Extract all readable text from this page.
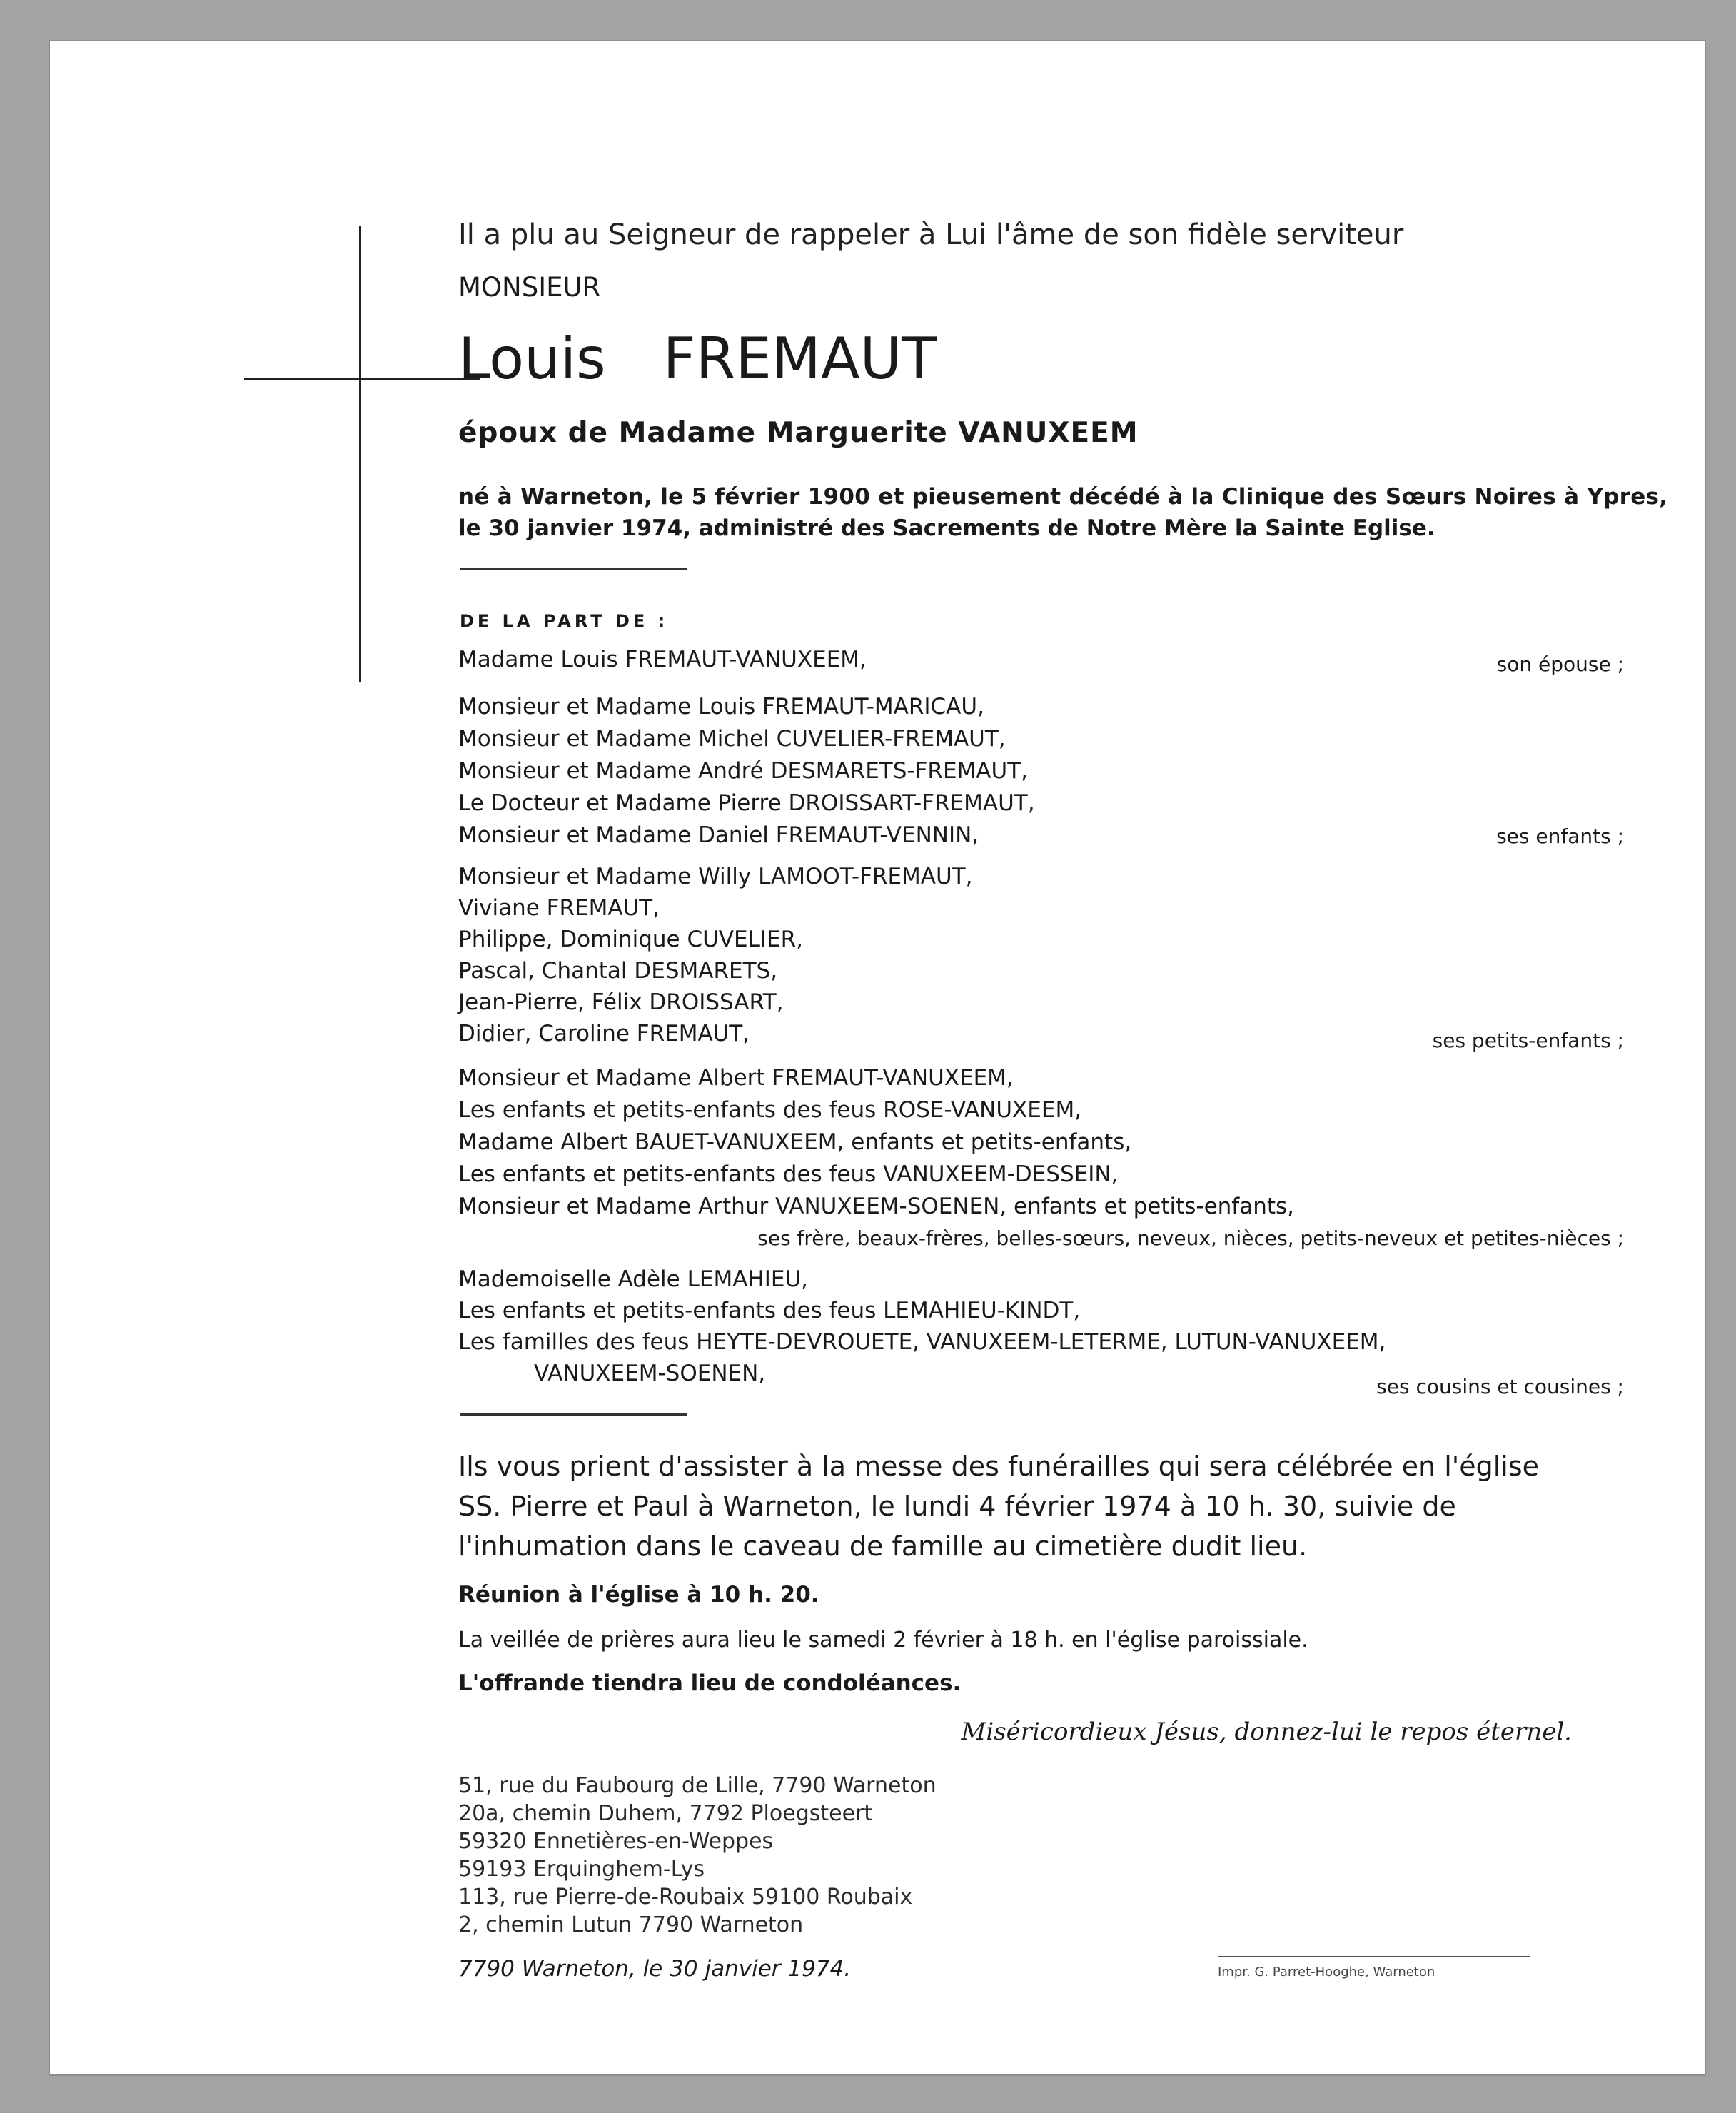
Il a plu au Seigneur de rappeler à Lui l'âme de son fidèle serviteur
MONSIEUR
Louis FREMAUT
époux de Madame Marguerite VANUXEEM
né à Warneton, le 5 février 1900 et pieusement décédé à la Clinique des Sœurs Noires à Ypres,
le 30 janvier 1974, administré des Sacrements de Notre Mère la Sainte Eglise.
DE LA PART DE :
Madame Louis FREMAUT-VANUXEEM,	son épouse ;
Monsieur et Madame Louis FREMAUT-MARICAU,
Monsieur et Madame Michel CUVELIER-FREMAUT,
Monsieur et Madame André DESMARETS-FREMAUT,
Le Docteur et Madame Pierre DROISSART-FREMAUT,
Monsieur et Madame Daniel FREMAUT-VENNIN,	ses enfants ;
Monsieur et Madame Willy LAMOOT-FREMAUT,
Viviane FREMAUT,
Philippe, Dominique CUVELIER,
Pascal, Chantal DESMARETS,
Jean-Pierre, Félix DROISSART,
Didier, Caroline FREMAUT,	ses petits-enfants ;
Monsieur et Madame Albert FREMAUT-VANUXEEM,
Les enfants et petits-enfants des feus ROSE-VANUXEEM,
Madame Albert BAUET-VANUXEEM, enfants et petits-enfants,
Les enfants et petits-enfants des feus VANUXEEM-DESSEIN,
Monsieur et Madame Arthur VANUXEEM-SOENEN, enfants et petits-enfants,
ses frère, beaux-frères, belles-sœurs, neveux, nièces, petits-neveux et petites-nièces ;
Mademoiselle Adèle LEMAHIEU,
Les enfants et petits-enfants des feus LEMAHIEU-KINDT,
Les familles des feus HEYTE-DEVROUETE, VANUXEEM-LETERME, LUTUN-VANUXEEM,
VANUXEEM-SOENEN,
ses cousins et cousines ;
Ils vous prient d'assister à la messe des funérailles qui sera célébrée en l'église
SS. Pierre et Paul à Warneton, le lundi 4 février 1974 à 10 h. 30, suivie de
l'inhumation dans le caveau de famille au cimetière dudit lieu.
Réunion à l'église à 10 h. 20.
La veillée de prières aura lieu le samedi 2 février à 18 h. en l'église paroissiale.
L'offrande tiendra lieu de condoléances.
Miséricordieux Jésus, donnez-lui le repos éternel.
51, rue du Faubourg de Lille, 7790 Warneton
20a, chemin Duhem, 7792 Ploegsteert
59320 Ennetières-en-Weppes
59193 Erquinghem-Lys
113, rue Pierre-de-Roubaix 59100 Roubaix
2, chemin Lutun 7790 Warneton
7790 Warneton, le 30 janvier 1974.	Impr. G. Parret-Hooghe, Warneton
